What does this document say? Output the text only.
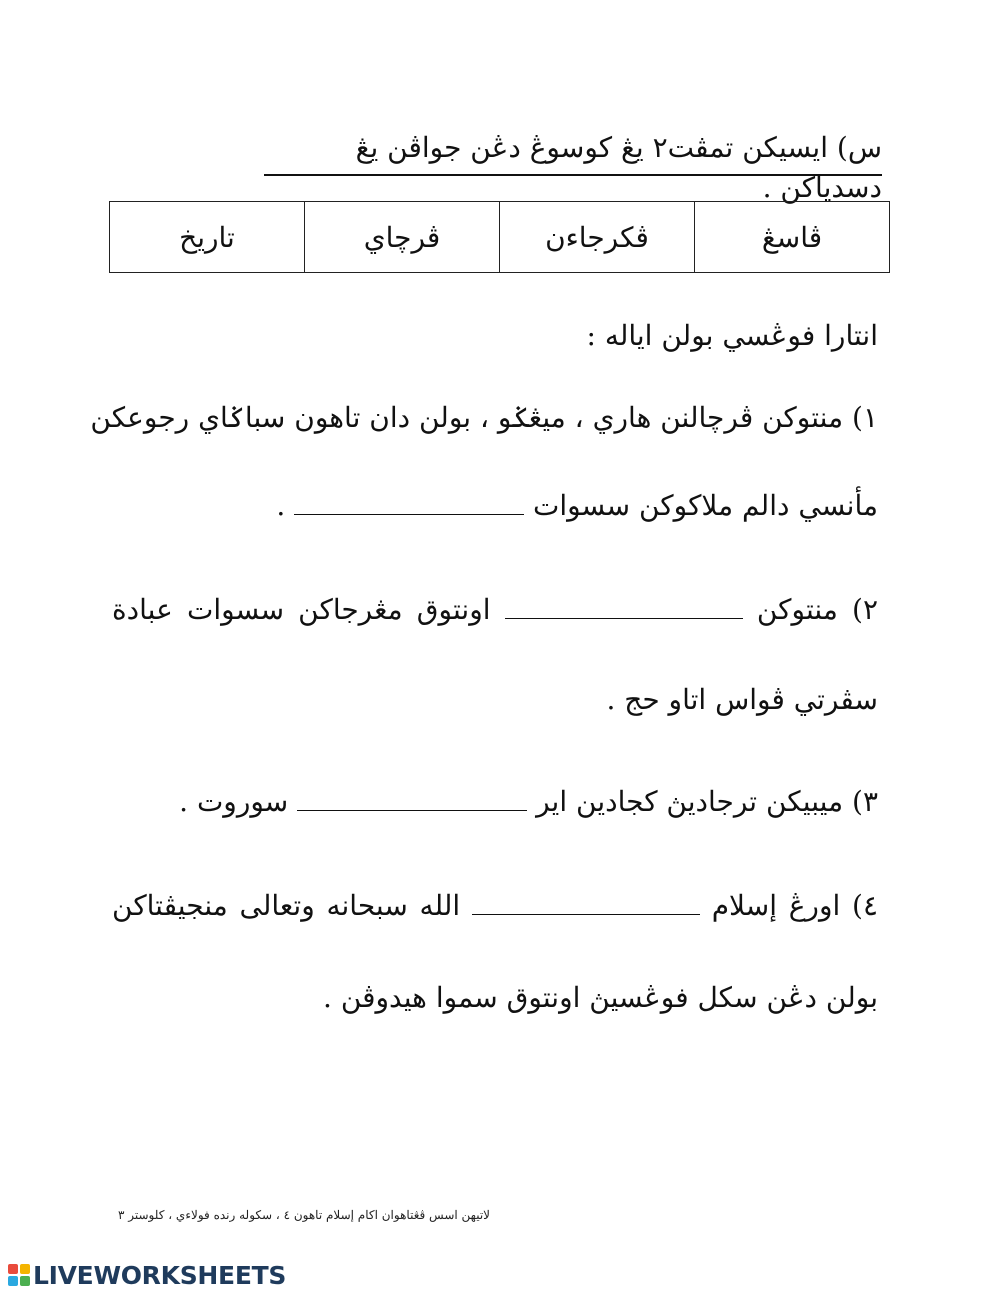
س) ايسيکن تمڤت٢ يڠ کوسوڠ دڠن جواڤن يڠ دسدياکن .
ڤاسڠ	ڤکرجاءن	ڤرچاي	تاريخ
انتارا فوڠسي بولن اياله :
١) منتوکن ڤرچالنن هاري ، ميڠݢو ، بولن دان تاهون سباݢاي رجوعکن
مأنسي دالم ملاکوکن سسوات  .
٢) منتوکن  اونتوق مڠرجاکن سسوات عبادة
سڤرتي ڤواس اتاو حج .
٣) ميبيکن ترجاديڽ کجادين اير  سوروت .
٤) اورڠ إسلام  الله سبحانه وتعالى منجيڤتاکن
بولن دڠن سکل فوڠسيڽ اونتوق سموا هيدوڤن .
لاتيهن اسس ڤڠتاهوان اکام إسلام تاهون ٤ ، سکوله رنده فولاءي ، کلوستر ٣
LIVEWORKSHEETS
